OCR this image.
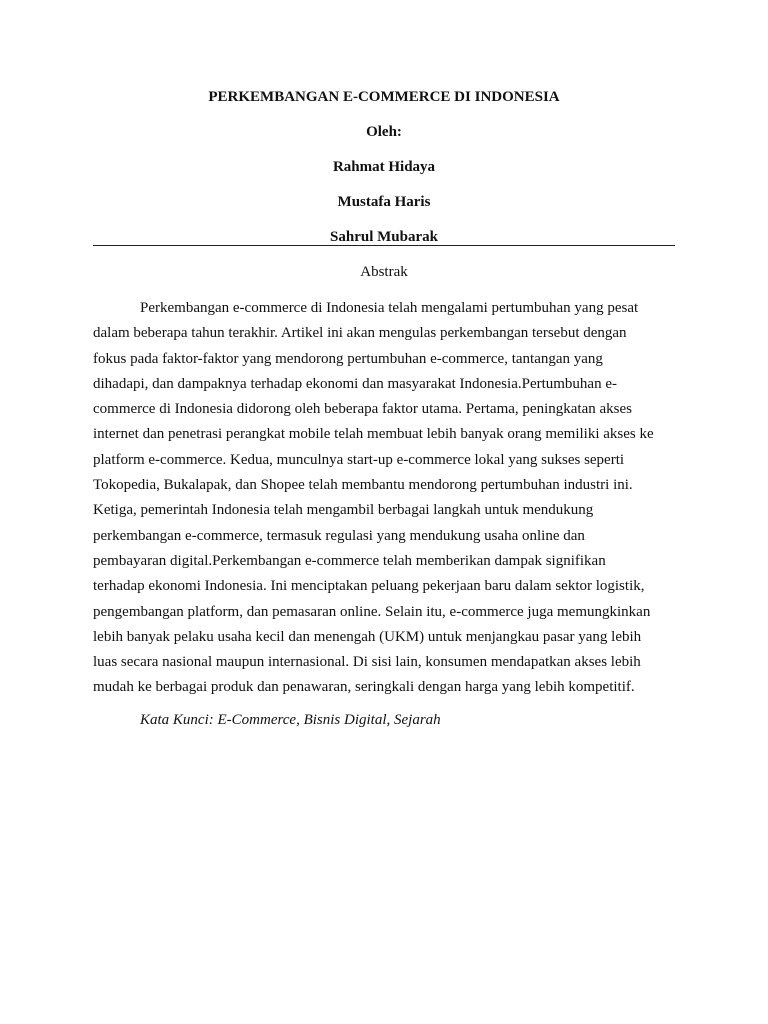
PERKEMBANGAN E-COMMERCE DI INDONESIA
Oleh:
Rahmat Hidaya
Mustafa Haris
Sahrul Mubarak
Abstrak
Perkembangan e-commerce di Indonesia telah mengalami pertumbuhan yang pesat
dalam beberapa tahun terakhir. Artikel ini akan mengulas perkembangan tersebut dengan
fokus pada faktor-faktor yang mendorong pertumbuhan e-commerce, tantangan yang
dihadapi, dan dampaknya terhadap ekonomi dan masyarakat Indonesia.Pertumbuhan e-
commerce di Indonesia didorong oleh beberapa faktor utama. Pertama, peningkatan akses
internet dan penetrasi perangkat mobile telah membuat lebih banyak orang memiliki akses ke
platform e-commerce. Kedua, munculnya start-up e-commerce lokal yang sukses seperti
Tokopedia, Bukalapak, dan Shopee telah membantu mendorong pertumbuhan industri ini.
Ketiga, pemerintah Indonesia telah mengambil berbagai langkah untuk mendukung
perkembangan e-commerce, termasuk regulasi yang mendukung usaha online dan
pembayaran digital.Perkembangan e-commerce telah memberikan dampak signifikan
terhadap ekonomi Indonesia. Ini menciptakan peluang pekerjaan baru dalam sektor logistik,
pengembangan platform, dan pemasaran online. Selain itu, e-commerce juga memungkinkan
lebih banyak pelaku usaha kecil dan menengah (UKM) untuk menjangkau pasar yang lebih
luas secara nasional maupun internasional. Di sisi lain, konsumen mendapatkan akses lebih
mudah ke berbagai produk dan penawaran, seringkali dengan harga yang lebih kompetitif.
Kata Kunci: E-Commerce, Bisnis Digital, Sejarah
